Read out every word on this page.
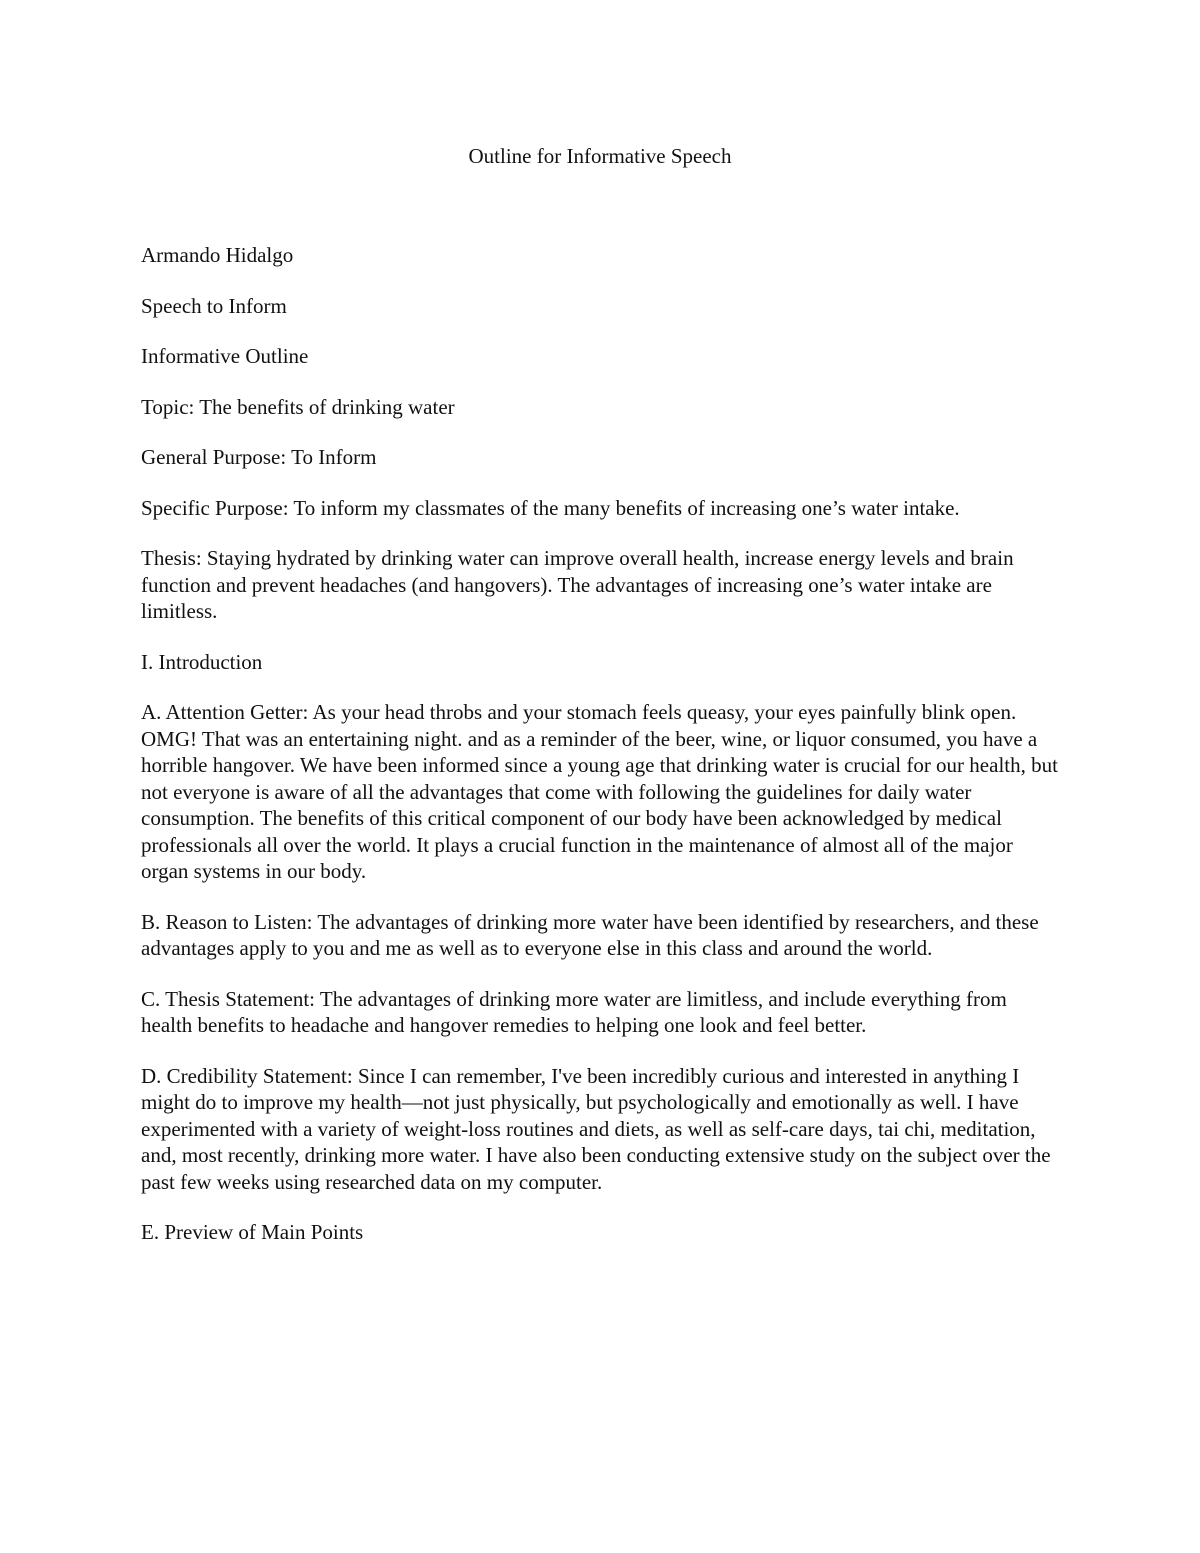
Outline for Informative Speech

Armando Hidalgo

Speech to Inform

Informative Outline

Topic: The benefits of drinking water

General Purpose: To Inform

Specific Purpose: To inform my classmates of the many benefits of increasing one’s water intake.

Thesis: Staying hydrated by drinking water can improve overall health, increase energy levels and brain function and prevent headaches (and hangovers). The advantages of increasing one’s water intake are limitless.

I. Introduction

A. Attention Getter: As your head throbs and your stomach feels queasy, your eyes painfully blink open. OMG! That was an entertaining night. and as a reminder of the beer, wine, or liquor consumed, you have a horrible hangover. We have been informed since a young age that drinking water is crucial for our health, but not everyone is aware of all the advantages that come with following the guidelines for daily water consumption. The benefits of this critical component of our body have been acknowledged by medical professionals all over the world. It plays a crucial function in the maintenance of almost all of the major organ systems in our body.

B. Reason to Listen: The advantages of drinking more water have been identified by researchers, and these advantages apply to you and me as well as to everyone else in this class and around the world.

C. Thesis Statement: The advantages of drinking more water are limitless, and include everything from health benefits to headache and hangover remedies to helping one look and feel better.

D. Credibility Statement: Since I can remember, I've been incredibly curious and interested in anything I might do to improve my health—not just physically, but psychologically and emotionally as well. I have experimented with a variety of weight-loss routines and diets, as well as self-care days, tai chi, meditation, and, most recently, drinking more water. I have also been conducting extensive study on the subject over the past few weeks using researched data on my computer.

E. Preview of Main Points
